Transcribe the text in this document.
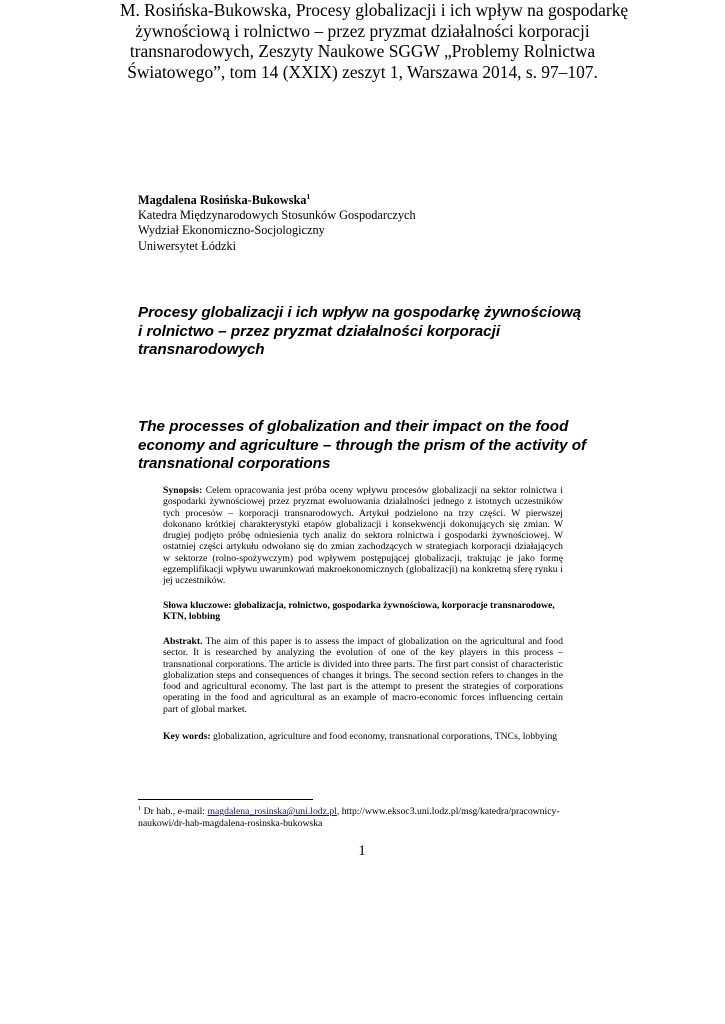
M. Rosińska-Bukowska, Procesy globalizacji i ich wpływ na gospodarkę
żywnościową i rolnictwo – przez pryzmat działalności korporacji
transnarodowych, Zeszyty Naukowe SGGW „Problemy Rolnictwa
Światowego”, tom 14 (XXIX) zeszyt 1, Warszawa 2014, s. 97–107.
Magdalena Rosińska-Bukowska$^1$
Katedra Międzynarodowych Stosunków Gospodarczych
Wydział Ekonomiczno-Socjologiczny
Uniwersytet Łódzki
Procesy globalizacji i ich wpływ na gospodarkę żywnościową
i rolnictwo – przez pryzmat działalności korporacji
transnarodowych
The processes of globalization and their impact on the food
economy and agriculture – through the prism of the activity of
transnational corporations
Synopsis: Celem opracowania jest próba oceny wpływu procesów globalizacji na sektor rolnictwa i
gospodarki żywnościowej przez pryzmat ewoluowania działalności jednego z istotnych uczestników
tych procesów – korporacji transnarodowych. Artykuł podzielono na trzy części. W pierwszej
dokonano krótkiej charakterystyki etapów globalizacji i konsekwencji dokonujących się zmian. W
drugiej podjęto próbę odniesienia tych analiz do sektora rolnictwa i gospodarki żywnościowej. W
ostatniej części artykułu odwołano się do zmian zachodzących w strategiach korporacji działających
w sektorze (rolno-spożywczym) pod wpływem postępującej globalizacji, traktując je jako formę
egzemplifikacji wpływu uwarunkowań makroekonomicznych (globalizacji) na konkretną sferę rynku i
jej uczestników.
Słowa kluczowe: globalizacja, rolnictwo, gospodarka żywnościowa, korporacje transnarodowe,
KTN, lobbing
Abstrakt. The aim of this paper is to assess the impact of globalization on the agricultural and food
sector. It is researched by analyzing the evolution of one of the key players in this process –
transnational corporations. The article is divided into three parts. The first part consist of characteristic
globalization steps and consequences of changes it brings. The second section refers to changes in the
food and agricultural economy. The last part is the attempt to present the strategies of corporations
operating in the food and agricultural as an example of macro-economic forces influencing certain
part of global market.
Key words: globalization, agriculture and food economy, transnational corporations, TNCs, lobbying
$^1$ Dr hab., e-mail: magdalena_rosinska@uni.lodz.pl, http://www.eksoc3.uni.lodz.pl/msg/katedra/pracownicy-
naukowi/dr-hab-magdalena-rosinska-bukowska
1
